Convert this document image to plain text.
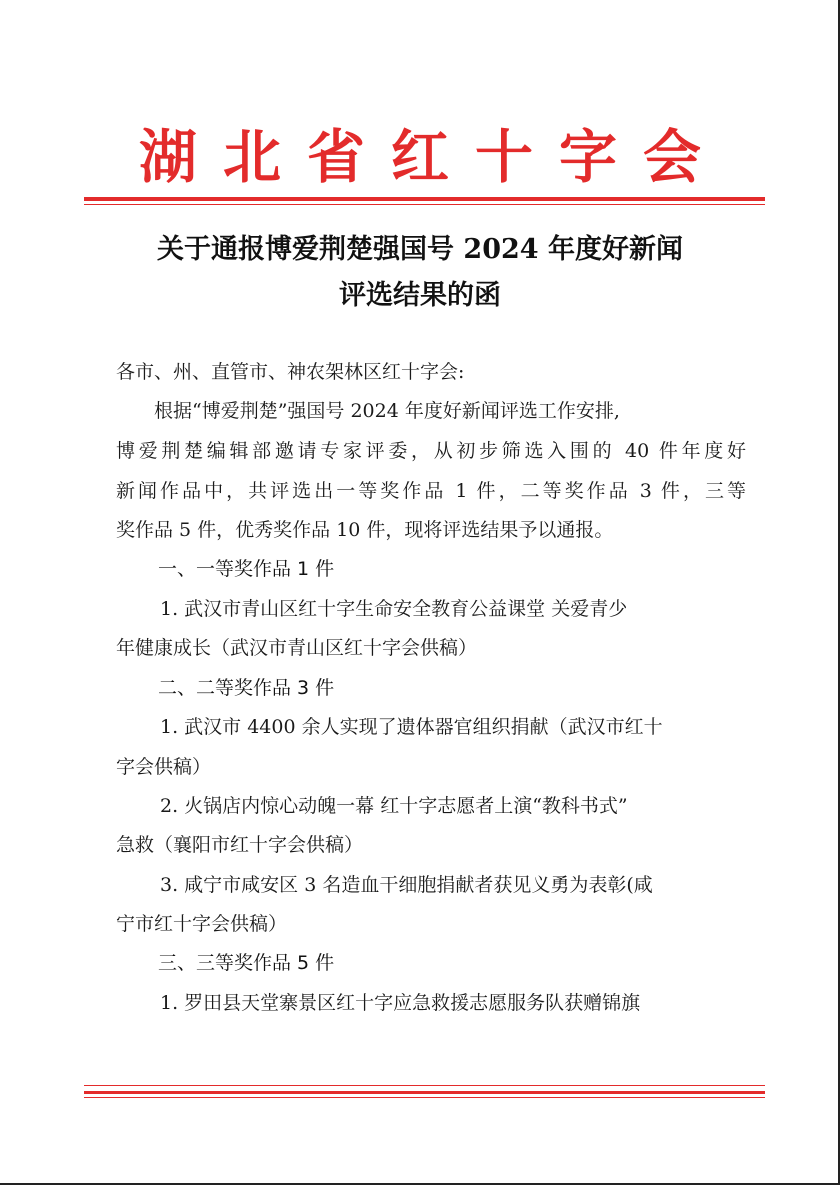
湖北省红十字会
关于通报博爱荆楚强国号 2024 年度好新闻
评选结果的函
各市、州、直管市、神农架林区红十字会:
根据“博爱荆楚”强国号 2024 年度好新闻评选工作安排,
博爱荆楚编辑部邀请专家评委，从初步筛选入围的 40 件年度好
新闻作品中，共评选出一等奖作品 1 件，二等奖作品 3 件，三等
奖作品 5 件，优秀奖作品 10 件，现将评选结果予以通报。
一、一等奖作品 1 件
1. 武汉市青山区红十字生命安全教育公益课堂 关爱青少
年健康成长（武汉市青山区红十字会供稿）
二、二等奖作品 3 件
1. 武汉市 4400 余人实现了遗体器官组织捐献（武汉市红十
字会供稿）
2. 火锅店内惊心动魄一幕 红十字志愿者上演“教科书式”
急救（襄阳市红十字会供稿）
3. 咸宁市咸安区 3 名造血干细胞捐献者获见义勇为表彰(咸
宁市红十字会供稿）
三、三等奖作品 5 件
1. 罗田县天堂寨景区红十字应急救援志愿服务队获赠锦旗
